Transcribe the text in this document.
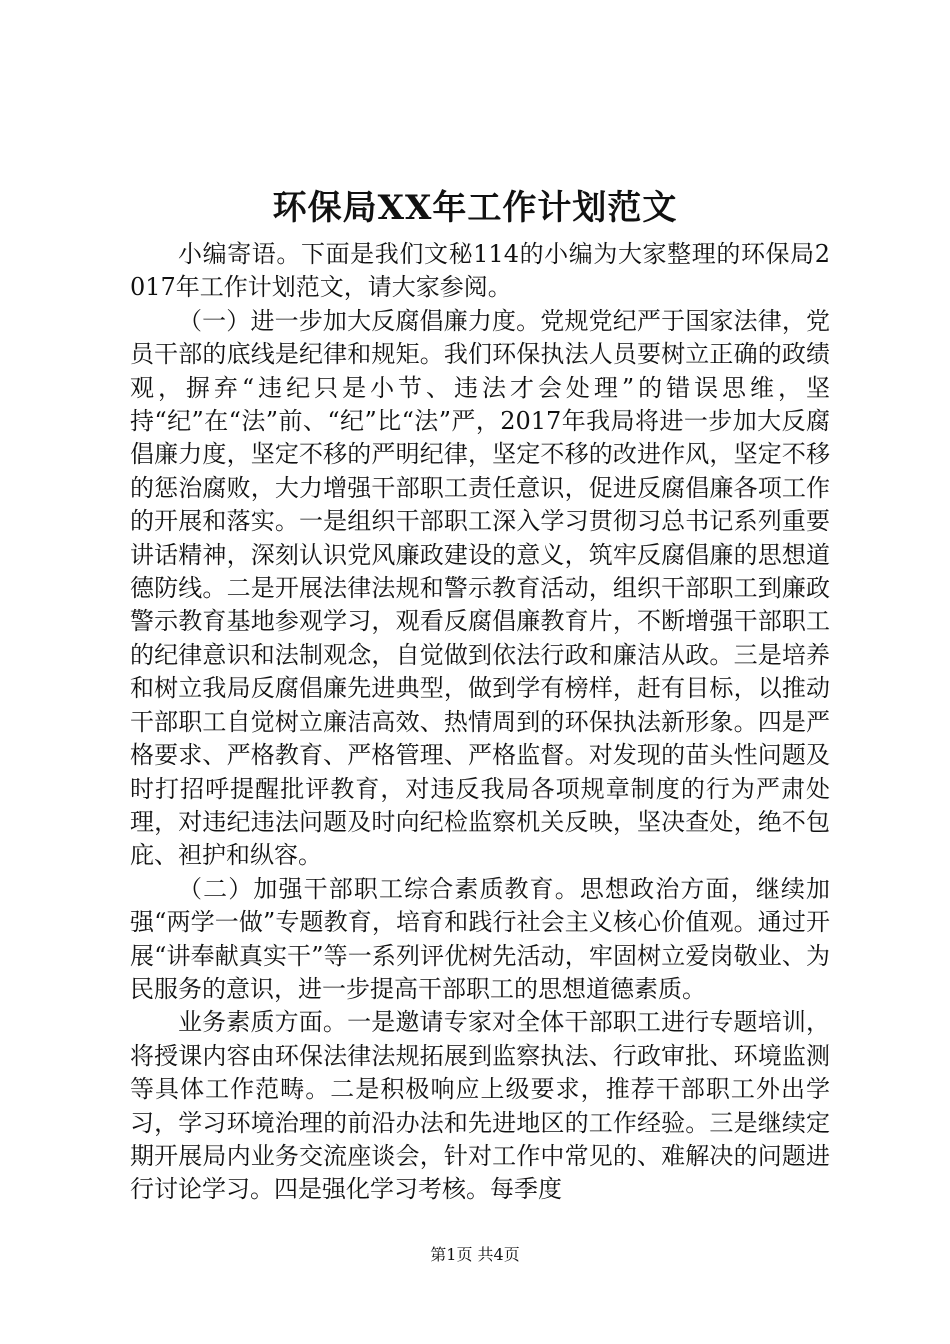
环保局XX年工作计划范文

小编寄语。下面是我们文秘114的小编为大家整理的环保局2017年工作计划范文，请大家参阅。

（一）进一步加大反腐倡廉力度。党规党纪严于国家法律，党员干部的底线是纪律和规矩。我们环保执法人员要树立正确的政绩观，摒弃“违纪只是小节、违法才会处理”的错误思维，坚持“纪”在“法”前、“纪”比“法”严，2017年我局将进一步加大反腐倡廉力度，坚定不移的严明纪律，坚定不移的改进作风，坚定不移的惩治腐败，大力增强干部职工责任意识，促进反腐倡廉各项工作的开展和落实。一是组织干部职工深入学习贯彻习总书记系列重要讲话精神，深刻认识党风廉政建设的意义，筑牢反腐倡廉的思想道德防线。二是开展法律法规和警示教育活动，组织干部职工到廉政警示教育基地参观学习，观看反腐倡廉教育片，不断增强干部职工的纪律意识和法制观念，自觉做到依法行政和廉洁从政。三是培养和树立我局反腐倡廉先进典型，做到学有榜样，赶有目标，以推动干部职工自觉树立廉洁高效、热情周到的环保执法新形象。四是严格要求、严格教育、严格管理、严格监督。对发现的苗头性问题及时打招呼提醒批评教育，对违反我局各项规章制度的行为严肃处理，对违纪违法问题及时向纪检监察机关反映，坚决查处，绝不包庇、袒护和纵容。

（二）加强干部职工综合素质教育。思想政治方面，继续加强“两学一做”专题教育，培育和践行社会主义核心价值观。通过开展“讲奉献真实干”等一系列评优树先活动，牢固树立爱岗敬业、为民服务的意识，进一步提高干部职工的思想道德素质。

业务素质方面。一是邀请专家对全体干部职工进行专题培训，将授课内容由环保法律法规拓展到监察执法、行政审批、环境监测等具体工作范畴。二是积极响应上级要求，推荐干部职工外出学习，学习环境治理的前沿办法和先进地区的工作经验。三是继续定期开展局内业务交流座谈会，针对工作中常见的、难解决的问题进行讨论学习。四是强化学习考核。每季度

第1页 共4页
